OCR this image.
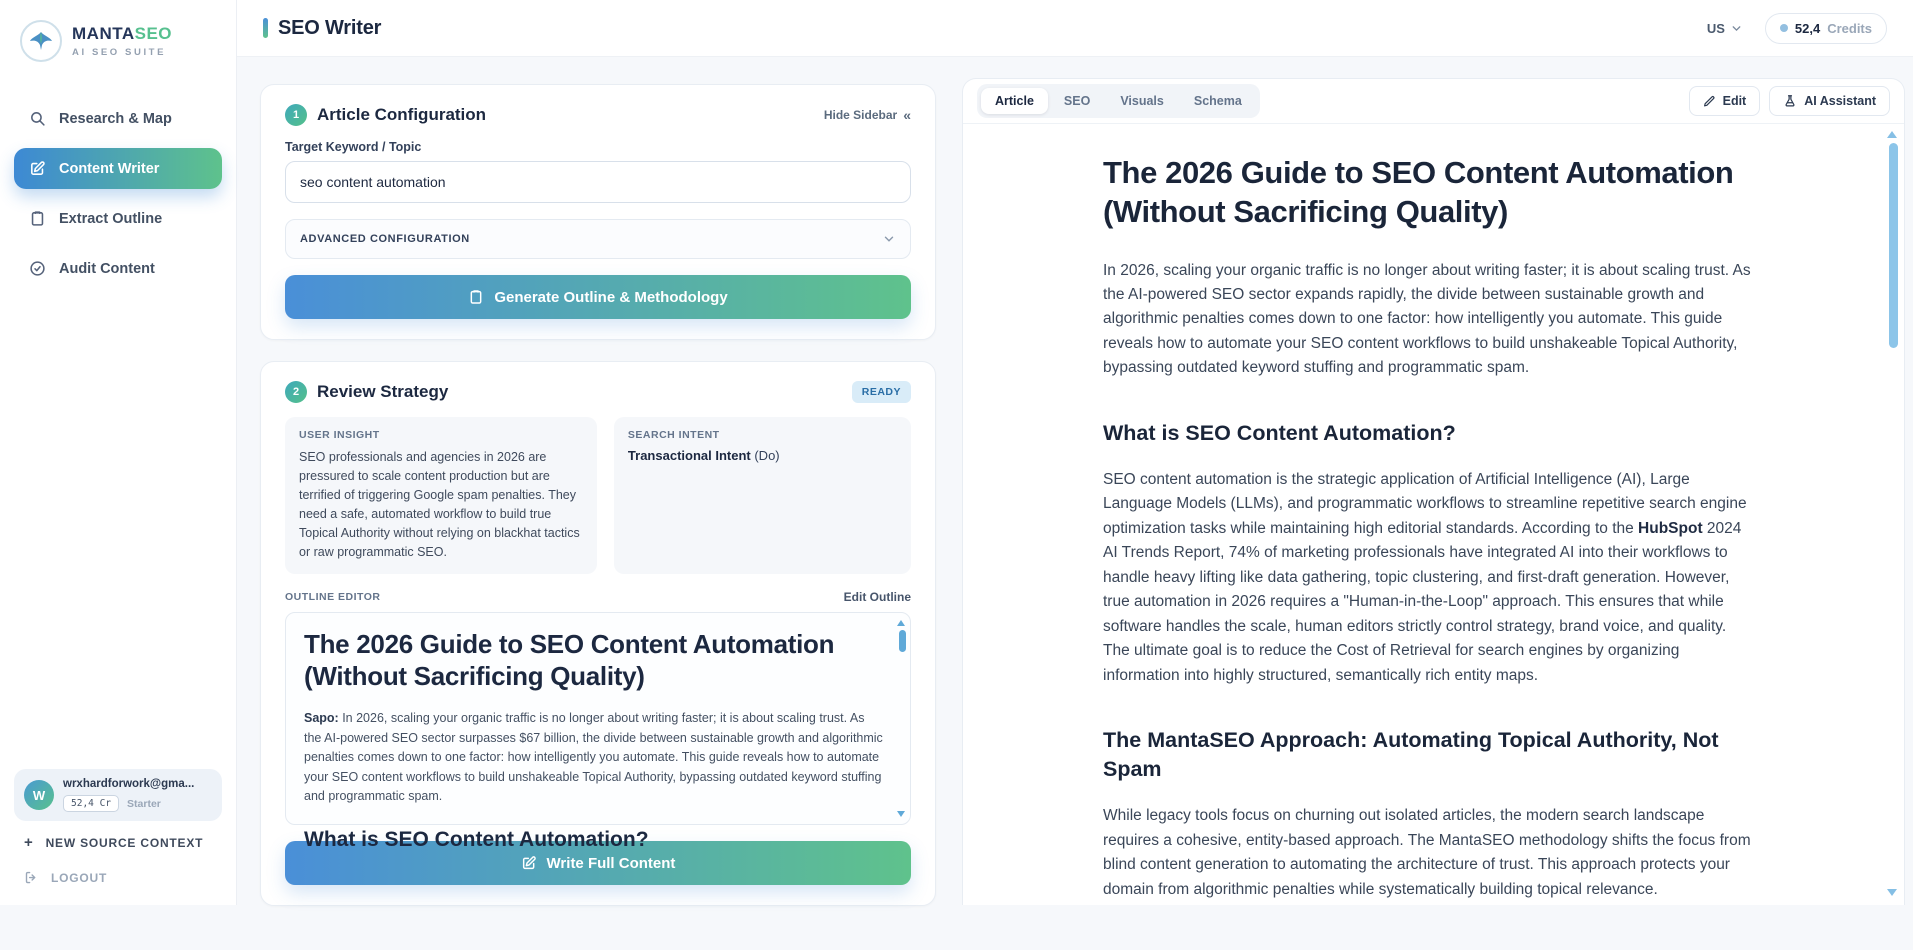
MANTASEO
AI SEO SUITE
Research & Map
Content Writer
Extract Outline
Audit Content
W
wrxhardforwork@gma...
52,4 Cr	Starter
+ NEW SOURCE CONTEXT
LOGOUT
SEO Writer	US	52,4 Credits
1	Article Configuration	Hide Sidebar «
Target Keyword / Topic
seo content automation
ADVANCED CONFIGURATION
Generate Outline & Methodology
2	Review Strategy	READY
USER INSIGHT
SEO professionals and agencies in 2026 are pressured to scale content production but are terrified of triggering Google spam penalties. They need a safe, automated workflow to build true Topical Authority without relying on blackhat tactics or raw programmatic SEO.
SEARCH INTENT
Transactional Intent (Do)
OUTLINE EDITOR	Edit Outline
The 2026 Guide to SEO Content Automation (Without Sacrificing Quality)
Sapo: In 2026, scaling your organic traffic is no longer about writing faster; it is about scaling trust. As the AI-powered SEO sector surpasses $67 billion, the divide between sustainable growth and algorithmic penalties comes down to one factor: how intelligently you automate. This guide reveals how to automate your SEO content workflows to build unshakeable Topical Authority, bypassing outdated keyword stuffing and programmatic spam.
What is SEO Content Automation?
Write Full Content
Article	SEO	Visuals	Schema	Edit	AI Assistant
The 2026 Guide to SEO Content Automation (Without Sacrificing Quality)

In 2026, scaling your organic traffic is no longer about writing faster; it is about scaling trust. As the AI-powered SEO sector expands rapidly, the divide between sustainable growth and algorithmic penalties comes down to one factor: how intelligently you automate. This guide reveals how to automate your SEO content workflows to build unshakeable Topical Authority, bypassing outdated keyword stuffing and programmatic spam.

What is SEO Content Automation?

SEO content automation is the strategic application of Artificial Intelligence (AI), Large Language Models (LLMs), and programmatic workflows to streamline repetitive search engine optimization tasks while maintaining high editorial standards. According to the HubSpot 2024 AI Trends Report, 74% of marketing professionals have integrated AI into their workflows to handle heavy lifting like data gathering, topic clustering, and first-draft generation. However, true automation in 2026 requires a "Human-in-the-Loop" approach. This ensures that while software handles the scale, human editors strictly control strategy, brand voice, and quality. The ultimate goal is to reduce the Cost of Retrieval for search engines by organizing information into highly structured, semantically rich entity maps.

The MantaSEO Approach: Automating Topical Authority, Not Spam

While legacy tools focus on churning out isolated articles, the modern search landscape requires a cohesive, entity-based approach. The MantaSEO methodology shifts the focus from blind content generation to automating the architecture of trust. This approach protects your domain from algorithmic penalties while systematically building topical relevance.
